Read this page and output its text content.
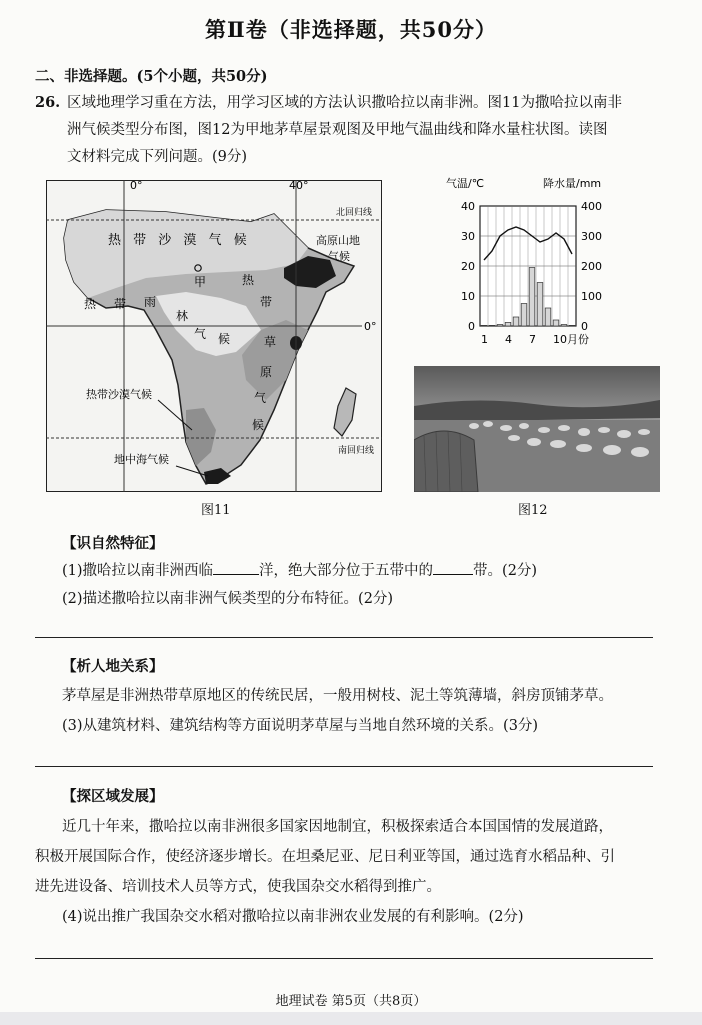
第Ⅱ卷（非选择题，共50分）
二、非选择题。(5个小题，共50分)
26. 区域地理学习重在方法，用学习区域的方法认识撒哈拉以南非洲。图11为撒哈拉以南非
洲气候类型分布图，图12为甲地茅草屋景观图及甲地气温曲线和降水量柱状图。读图
文材料完成下列问题。(9分)
0°	40°
北回归线
0°
南回归线
热 带 沙 漠 气 候	高原山地
气候
甲	热
带
热 带 雨
林
气 候	草
原
气
候
热带沙漠气候
地中海气候
图11
气温/℃	降水量/mm
40
30
20
10
0
400
300
200
100
0
1 4 7 10月份
图12
【识自然特征】
(1)撒哈拉以南非洲西临	洋，绝大部分位于五带中的	带。(2分)
(2)描述撒哈拉以南非洲气候类型的分布特征。(2分)
【析人地关系】
茅草屋是非洲热带草原地区的传统民居，一般用树枝、泥土等筑薄墙，斜房顶铺茅草。
(3)从建筑材料、建筑结构等方面说明茅草屋与当地自然环境的关系。(3分)
【探区域发展】
近几十年来，撒哈拉以南非洲很多国家因地制宜，积极探索适合本国国情的发展道路，
积极开展国际合作，使经济逐步增长。在坦桑尼亚、尼日利亚等国，通过选育水稻品种、引
进先进设备、培训技术人员等方式，使我国杂交水稻得到推广。
(4)说出推广我国杂交水稻对撒哈拉以南非洲农业发展的有利影响。(2分)
地理试卷 第5页（共8页）
